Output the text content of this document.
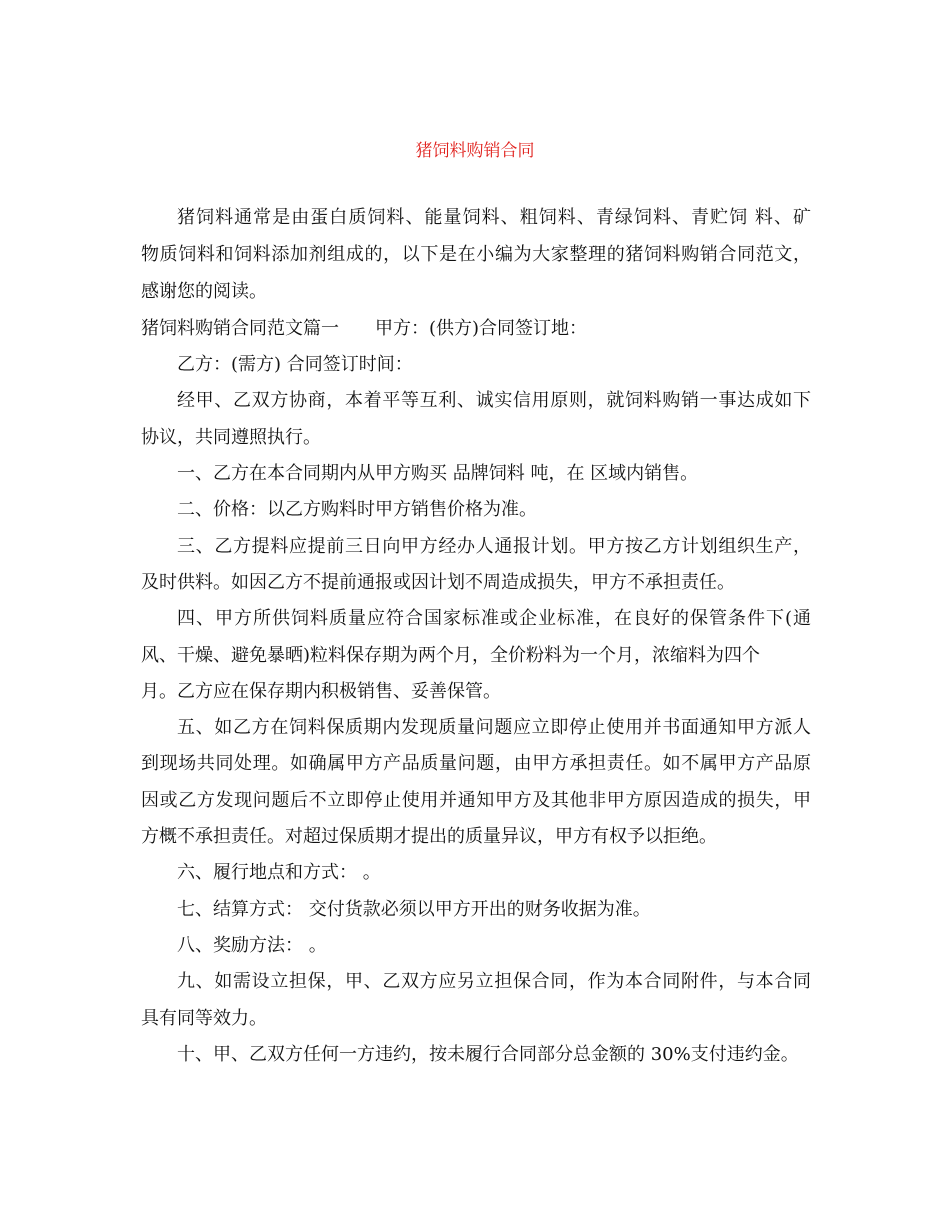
猪饲料购销合同

猪饲料通常是由蛋白质饲料、能量饲料、粗饲料、青绿饲料、青贮饲 料、矿

物质饲料和饲料添加剂组成的，以下是在小编为大家整理的猪饲料购销合同范文，

感谢您的阅读。

猪饲料购销合同范文篇一　　甲方：(供方)合同签订地：

乙方：(需方) 合同签订时间：

经甲、乙双方协商，本着平等互利、诚实信用原则，就饲料购销一事达成如下

协议，共同遵照执行。

一、乙方在本合同期内从甲方购买 品牌饲料 吨，在 区域内销售。

二、价格：以乙方购料时甲方销售价格为准。

三、乙方提料应提前三日向甲方经办人通报计划。甲方按乙方计划组织生产，

及时供料。如因乙方不提前通报或因计划不周造成损失，甲方不承担责任。

四、甲方所供饲料质量应符合国家标准或企业标准，在良好的保管条件下(通

风、干燥、避免暴晒)粒料保存期为两个月，全价粉料为一个月，浓缩料为四个

月。乙方应在保存期内积极销售、妥善保管。

五、如乙方在饲料保质期内发现质量问题应立即停止使用并书面通知甲方派人

到现场共同处理。如确属甲方产品质量问题，由甲方承担责任。如不属甲方产品原

因或乙方发现问题后不立即停止使用并通知甲方及其他非甲方原因造成的损失，甲

方概不承担责任。对超过保质期才提出的质量异议，甲方有权予以拒绝。

六、履行地点和方式： 。

七、结算方式： 交付货款必须以甲方开出的财务收据为准。

八、奖励方法： 。

九、如需设立担保，甲、乙双方应另立担保合同，作为本合同附件，与本合同

具有同等效力。

十、甲、乙双方任何一方违约，按未履行合同部分总金额的 30%支付违约金。
